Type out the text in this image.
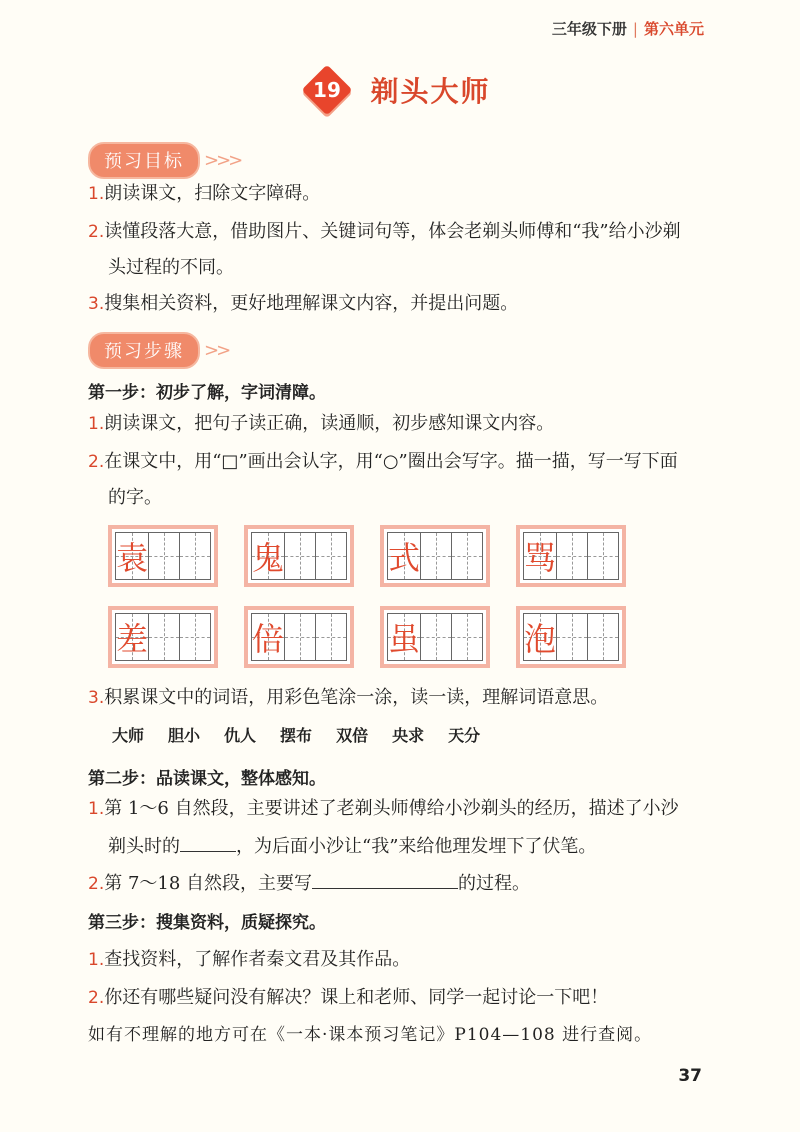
三年级下册 | 第六单元
19 剃头大师
预习目标	>>>
1.朗读课文，扫除文字障碍。
2.读懂段落大意，借助图片、关键词句等，体会老剃头师傅和“我”给小沙剃
头过程的不同。
3.搜集相关资料，更好地理解课文内容，并提出问题。
预习步骤	>>
第一步：初步了解，字词清障。
1.朗读课文，把句子读正确，读通顺，初步感知课文内容。
2.在课文中，用“□”画出会认字，用“○”圈出会写字。描一描，写一写下面
的字。
袁	鬼	式	骂
差	倍	虽	泡
3.积累课文中的词语，用彩色笔涂一涂，读一读，理解词语意思。
大师 胆小 仇人 摆布 双倍 央求 天分
第二步：品读课文，整体感知。
1.第 1～6 自然段，主要讲述了老剃头师傅给小沙剃头的经历，描述了小沙
剃头时的	，为后面小沙让“我”来给他理发埋下了伏笔。
2.第 7～18 自然段，主要写	的过程。
第三步：搜集资料，质疑探究。
1.查找资料，了解作者秦文君及其作品。
2.你还有哪些疑问没有解决？课上和老师、同学一起讨论一下吧！
如有不理解的地方可在《一本·课本预习笔记》P104—108 进行查阅。
37
